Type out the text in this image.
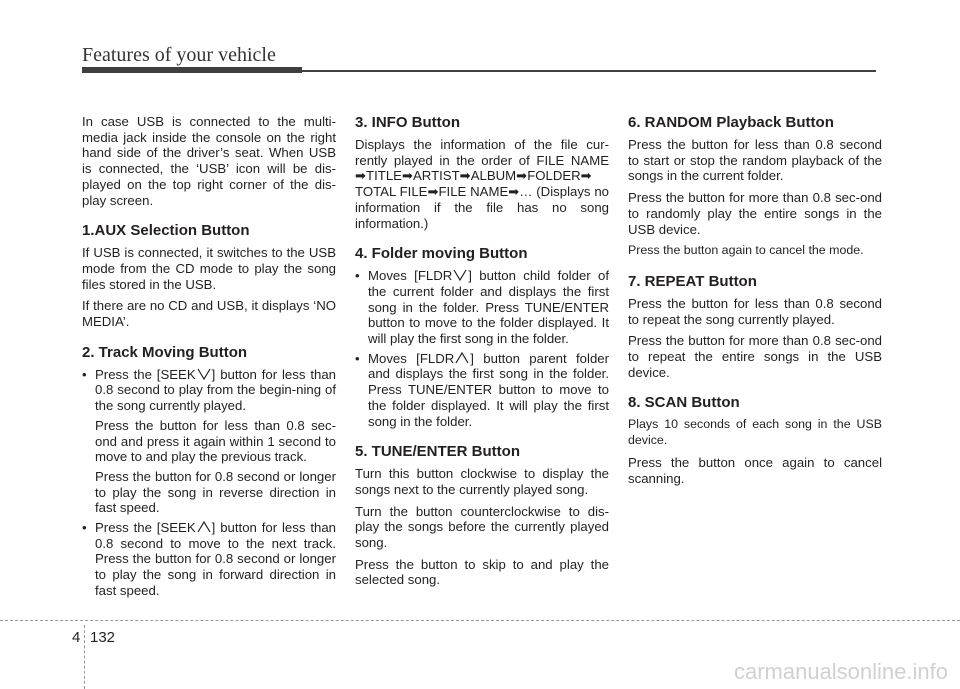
Features of your vehicle

In case USB is connected to the multi-media jack inside the console on the right hand side of the driver’s seat. When USB is connected, the ‘USB’ icon will be dis-played on the top right corner of the dis-play screen.

1.AUX Selection Button

If USB is connected, it switches to the USB mode from the CD mode to play the song files stored in the USB.

If there are no CD and USB, it displays ‘NO MEDIA’.

2. Track Moving Button

• Press the [SEEK ] button for less than 0.8 second to play from the begin-ning of the song currently played.

Press the button for less than 0.8 sec-ond and press it again within 1 second to move to and play the previous track.

Press the button for 0.8 second or longer to play the song in reverse direction in fast speed.

• Press the [SEEK ] button for less than 0.8 second to move to the next track. Press the button for 0.8 second or longer to play the song in forward direction in fast speed.

3. INFO Button

Displays the information of the file cur-rently played in the order of FILE NAME ➡TITLE➡ARTIST➡ALBUM➡FOLDER➡ TOTAL FILE➡FILE NAME➡… (Displays no information if the file has no song information.)

4. Folder moving Button

• Moves [FLDR ] button child folder of the current folder and displays the first song in the folder. Press TUNE/ENTER button to move to the folder displayed. It will play the first song in the folder.

• Moves [FLDR ] button parent folder and displays the first song in the folder. Press TUNE/ENTER button to move to the folder displayed. It will play the first song in the folder.

5. TUNE/ENTER Button

Turn this button clockwise to display the songs next to the currently played song.

Turn the button counterclockwise to dis-play the songs before the currently played song.

Press the button to skip to and play the selected song.

6. RANDOM Playback Button

Press the button for less than 0.8 second to start or stop the random playback of the songs in the current folder.

Press the button for more than 0.8 sec-ond to randomly play the entire songs in the USB device.

Press the button again to cancel the mode.

7. REPEAT Button

Press the button for less than 0.8 second to repeat the song currently played.

Press the button for more than 0.8 sec-ond to repeat the entire songs in the USB device.

8. SCAN Button

Plays 10 seconds of each song in the USB device.

Press the button once again to cancel scanning.

4 132
carmanualsonline.info
